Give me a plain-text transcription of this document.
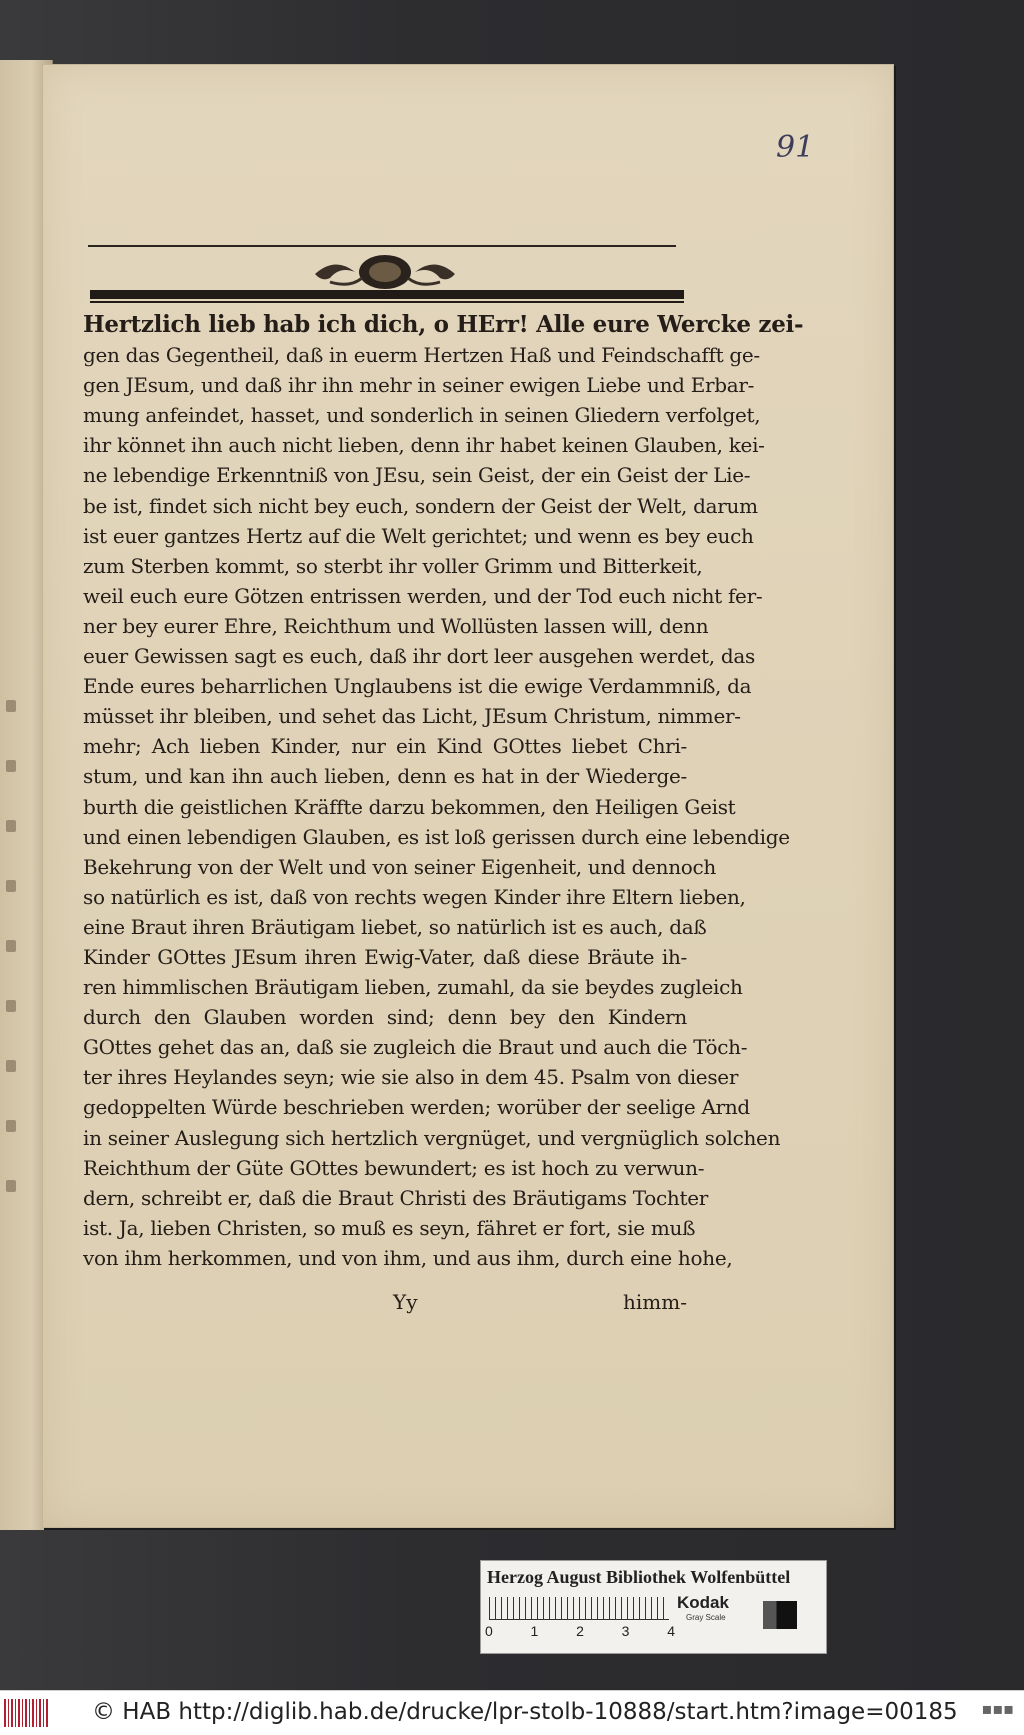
91
Hertzlich lieb hab ich dich, o HErr! Alle eure Wercke zei-
gen das Gegentheil, daß in euerm Hertzen Haß und Feindschafft ge-
gen JEsum, und daß ihr ihn mehr in seiner ewigen Liebe und Erbar-
mung anfeindet, hasset, und sonderlich in seinen Gliedern verfolget,
ihr könnet ihn auch nicht lieben, denn ihr habet keinen Glauben, kei-
ne lebendige Erkenntniß von JEsu, sein Geist, der ein Geist der Lie-
be ist, findet sich nicht bey euch, sondern der Geist der Welt, darum
ist euer gantzes Hertz auf die Welt gerichtet; und wenn es bey euch
zum Sterben kommt, so sterbt ihr voller Grimm und Bitterkeit,
weil euch eure Götzen entrissen werden, und der Tod euch nicht fer-
ner bey eurer Ehre, Reichthum und Wollüsten lassen will, denn
euer Gewissen sagt es euch, daß ihr dort leer ausgehen werdet, das
Ende eures beharrlichen Unglaubens ist die ewige Verdammniß, da
müsset ihr bleiben, und sehet das Licht, JEsum Christum, nimmer-
mehr; Ach lieben Kinder, nur ein Kind GOttes liebet Chri-
stum, und kan ihn auch lieben, denn es hat in der Wiederge-
burth die geistlichen Kräffte darzu bekommen, den Heiligen Geist
und einen lebendigen Glauben, es ist loß gerissen durch eine lebendige
Bekehrung von der Welt und von seiner Eigenheit, und dennoch
so natürlich es ist, daß von rechts wegen Kinder ihre Eltern lieben,
eine Braut ihren Bräutigam liebet, so natürlich ist es auch, daß
Kinder GOttes JEsum ihren Ewig-Vater, daß diese Bräute ih-
ren himmlischen Bräutigam lieben, zumahl, da sie beydes zugleich
durch den Glauben worden sind; denn bey den Kindern
GOttes gehet das an, daß sie zugleich die Braut und auch die Töch-
ter ihres Heylandes seyn; wie sie also in dem 45. Psalm von dieser
gedoppelten Würde beschrieben werden; worüber der seelige Arnd
in seiner Auslegung sich hertzlich vergnüget, und vergnüglich solchen
Reichthum der Güte GOttes bewundert; es ist hoch zu verwun-
dern, schreibt er, daß die Braut Christi des Bräutigams Tochter
ist. Ja, lieben Christen, so muß es seyn, fähret er fort, sie muß
von ihm herkommen, und von ihm, und aus ihm, durch eine hohe,
Yy	himm-
Herzog August Bibliothek Wolfenbüttel
0	1	2	3	4
Kodak
Gray Scale
© HAB http://diglib.hab.de/drucke/lpr-stolb-10888/start.htm?image=00185 ▪▪▪
